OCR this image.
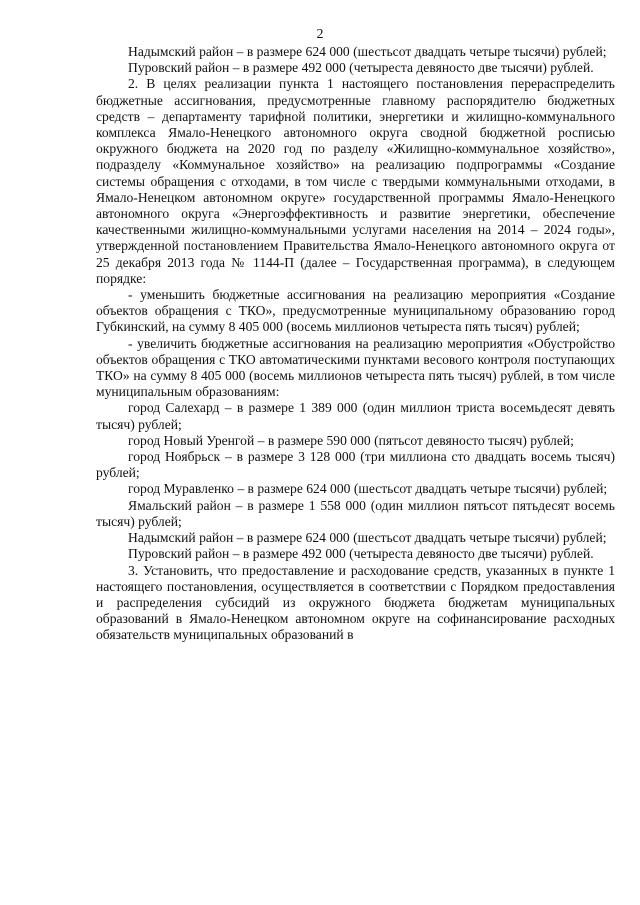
2

Надымский район – в размере 624 000 (шестьсот двадцать четыре тысячи) рублей;

Пуровский район – в размере 492 000 (четыреста девяносто две тысячи) рублей.

2. В целях реализации пункта 1 настоящего постановления перераспределить бюджетные ассигнования, предусмотренные главному распорядителю бюджетных средств – департаменту тарифной политики, энергетики и жилищно-коммунального комплекса Ямало-Ненецкого автономного округа сводной бюджетной росписью окружного бюджета на 2020 год по разделу «Жилищно-коммунальное хозяйство», подразделу «Коммунальное хозяйство» на реализацию подпрограммы «Создание системы обращения с отходами, в том числе с твердыми коммунальными отходами, в Ямало-Ненецком автономном округе» государственной программы Ямало-Ненецкого автономного округа «Энергоэффективность и развитие энергетики, обеспечение качественными жилищно-коммунальными услугами населения на 2014 – 2024 годы», утвержденной постановлением Правительства Ямало-Ненецкого автономного округа от 25 декабря 2013 года № 1144-П (далее – Государственная программа), в следующем порядке:

- уменьшить бюджетные ассигнования на реализацию мероприятия «Создание объектов обращения с ТКО», предусмотренные муниципальному образованию город Губкинский, на сумму 8 405 000 (восемь миллионов четыреста пять тысяч) рублей;

- увеличить бюджетные ассигнования на реализацию мероприятия «Обустройство объектов обращения с ТКО автоматическими пунктами весового контроля поступающих ТКО» на сумму 8 405 000 (восемь миллионов четыреста пять тысяч) рублей, в том числе муниципальным образованиям:

город Салехард – в размере 1 389 000 (один миллион триста восемьдесят девять тысяч) рублей;

город Новый Уренгой – в размере 590 000 (пятьсот девяносто тысяч) рублей;

город Ноябрьск – в размере 3 128 000 (три миллиона сто двадцать восемь тысяч) рублей;

город Муравленко – в размере 624 000 (шестьсот двадцать четыре тысячи) рублей;

Ямальский район – в размере 1 558 000 (один миллион пятьсот пятьдесят восемь тысяч) рублей;

Надымский район – в размере 624 000 (шестьсот двадцать четыре тысячи) рублей;

Пуровский район – в размере 492 000 (четыреста девяносто две тысячи) рублей.

3. Установить, что предоставление и расходование средств, указанных в пункте 1 настоящего постановления, осуществляется в соответствии с Порядком предоставления и распределения субсидий из окружного бюджета бюджетам муниципальных образований в Ямало-Ненецком автономном округе на софинансирование расходных обязательств муниципальных образований в
